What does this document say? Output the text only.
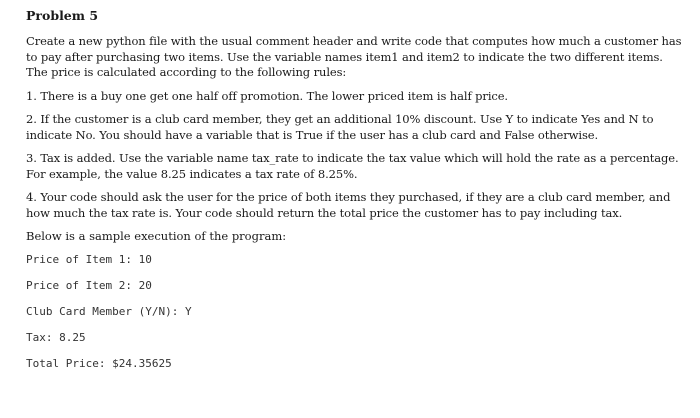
Problem 5

Create a new python file with the usual comment header and write code that computes how much a customer has to pay after purchasing two items. Use the variable names item1 and item2 to indicate the two different items. The price is calculated according to the following rules:

1. There is a buy one get one half off promotion. The lower priced item is half price.

2. If the customer is a club card member, they get an additional 10% discount. Use Y to indicate Yes and N to indicate No. You should have a variable that is True if the user has a club card and False otherwise.

3. Tax is added. Use the variable name tax_rate to indicate the tax value which will hold the rate as a percentage. For example, the value 8.25 indicates a tax rate of 8.25%.

4. Your code should ask the user for the price of both items they purchased, if they are a club card member, and how much the tax rate is. Your code should return the total price the customer has to pay including tax.

Below is a sample execution of the program:

Price of Item 1: 10
Price of Item 2: 20
Club Card Member (Y/N): Y
Tax: 8.25
Total Price: $24.35625
